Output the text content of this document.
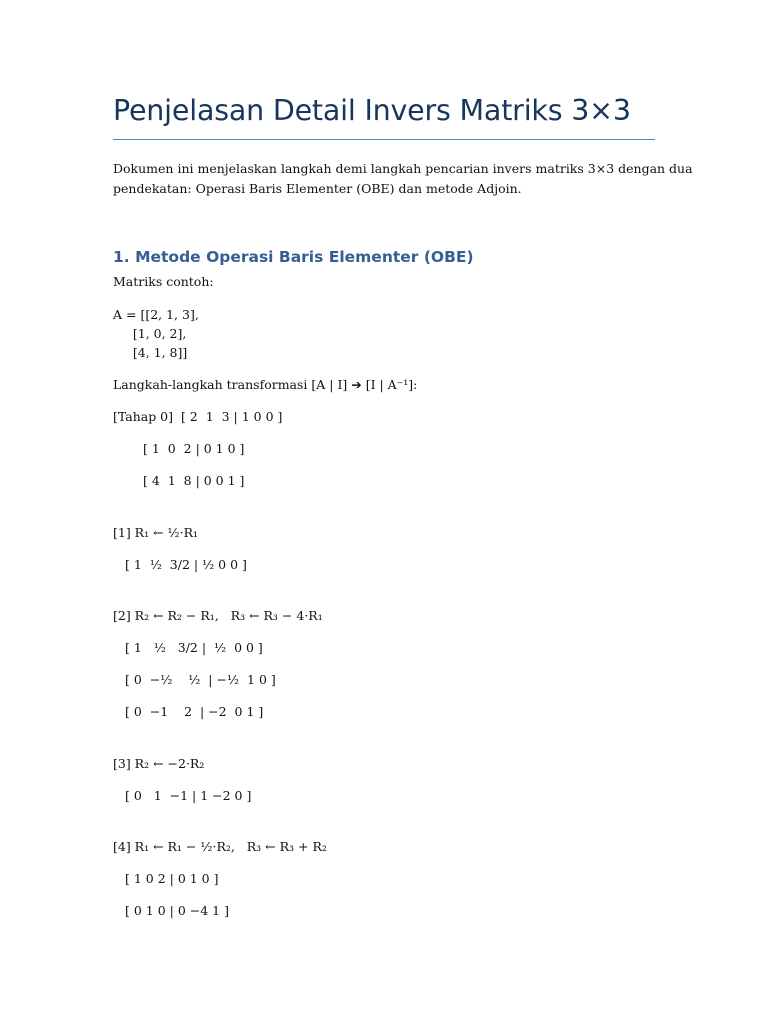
Penjelasan Detail Invers Matriks 3×3
Dokumen ini menjelaskan langkah demi langkah pencarian invers matriks 3×3 dengan dua
pendekatan: Operasi Baris Elementer (OBE) dan metode Adjoin.
1. Metode Operasi Baris Elementer (OBE)
Matriks contoh:
A = [[2, 1, 3],
[1, 0, 2],
[4, 1, 8]]
Langkah-langkah transformasi [A | I] ➔ [I | A⁻¹]:
[Tahap 0]  [ 2  1  3 | 1 0 0 ]
[ 1  0  2 | 0 1 0 ]
[ 4  1  8 | 0 0 1 ]
[1] R₁ ← ½·R₁
[ 1  ½  3/2 | ½ 0 0 ]
[2] R₂ ← R₂ − R₁,   R₃ ← R₃ − 4·R₁
[ 1   ½   3/2 |  ½  0 0 ]
[ 0  −½    ½  | −½  1 0 ]
[ 0  −1    2  | −2  0 1 ]
[3] R₂ ← −2·R₂
[ 0   1  −1 | 1 −2 0 ]
[4] R₁ ← R₁ − ½·R₂,   R₃ ← R₃ + R₂
[ 1 0 2 | 0 1 0 ]
[ 0 1 0 | 0 −4 1 ]
